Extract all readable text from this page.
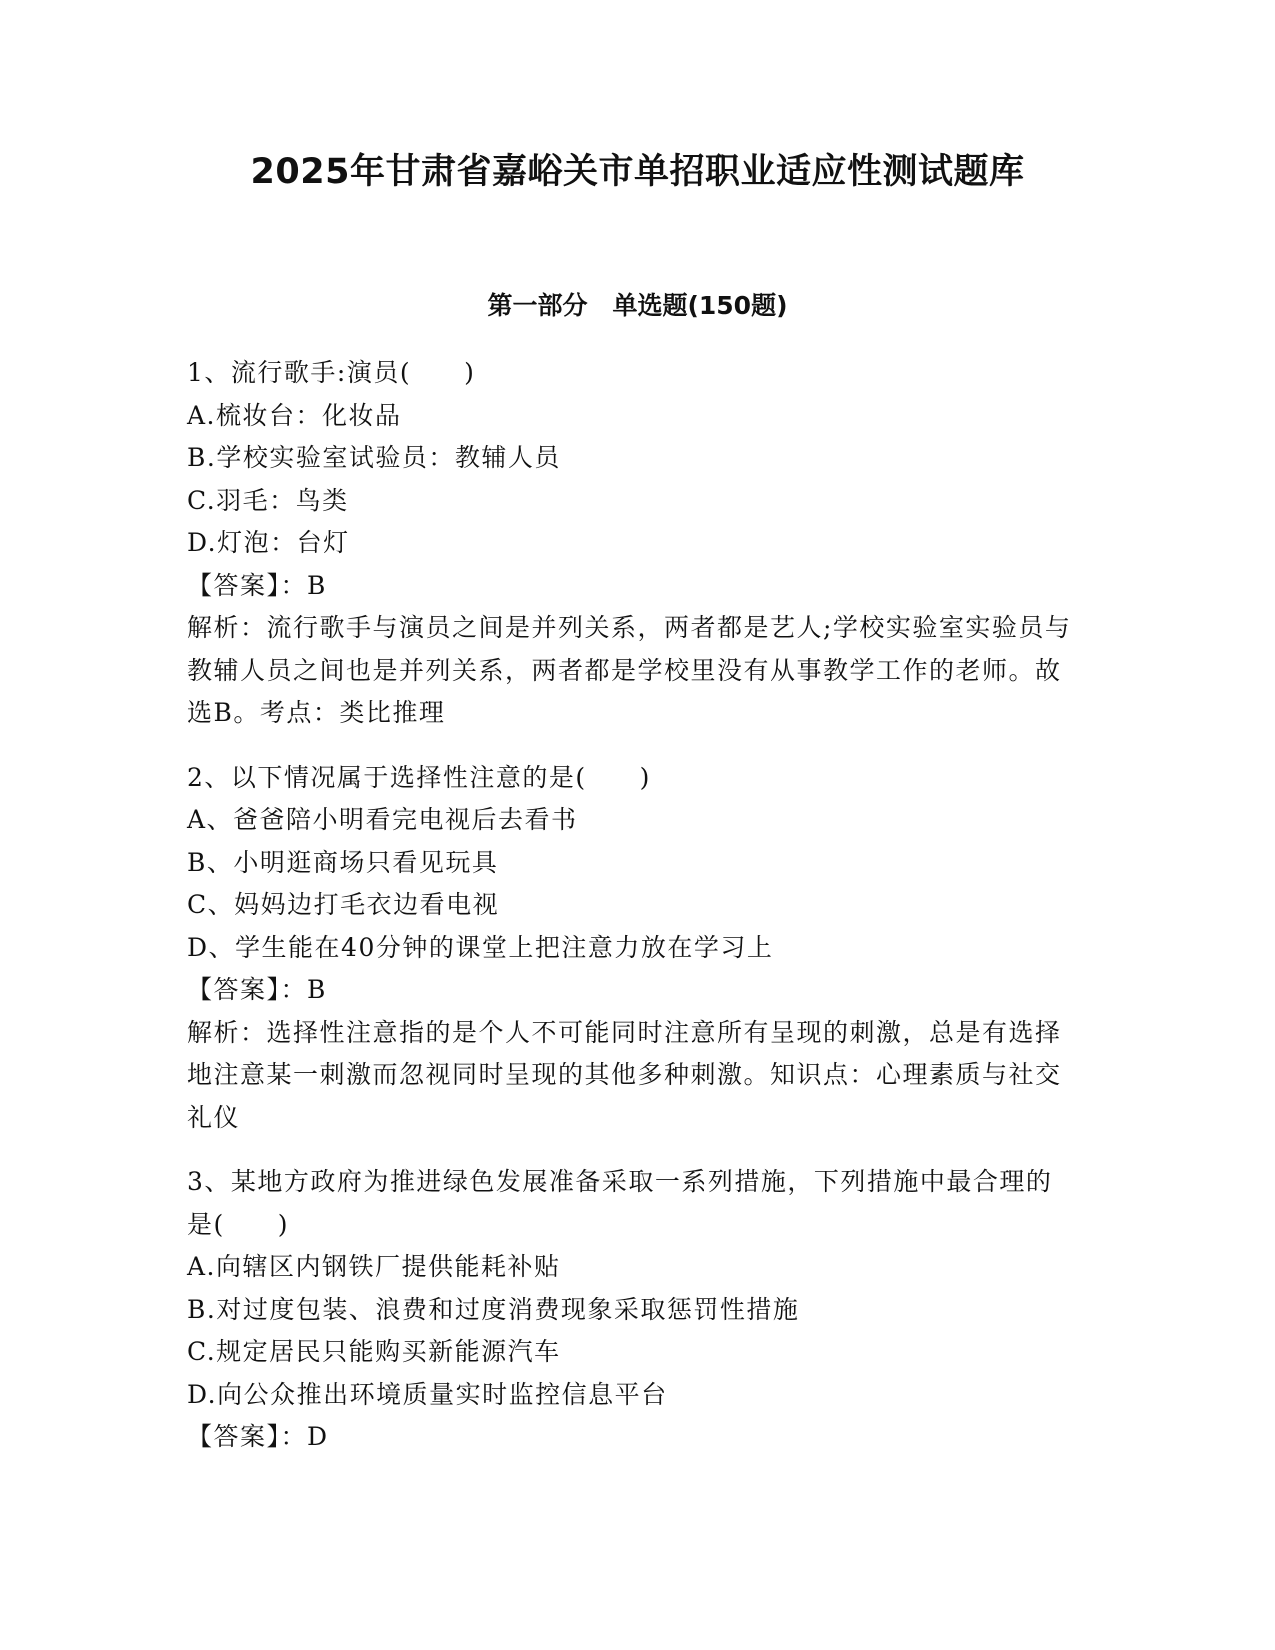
2025年甘肃省嘉峪关市单招职业适应性测试题库
第一部分　单选题(150题)
1、流行歌手:演员(　　)
A.梳妆台：化妆品
B.学校实验室试验员：教辅人员
C.羽毛：鸟类
D.灯泡：台灯
【答案】：B
解析：流行歌手与演员之间是并列关系，两者都是艺人;学校实验室实验员与教辅人员之间也是并列关系，两者都是学校里没有从事教学工作的老师。故选B。考点：类比推理
2、以下情况属于选择性注意的是(　　)
A、爸爸陪小明看完电视后去看书
B、小明逛商场只看见玩具
C、妈妈边打毛衣边看电视
D、学生能在40分钟的课堂上把注意力放在学习上
【答案】：B
解析：选择性注意指的是个人不可能同时注意所有呈现的刺激，总是有选择地注意某一刺激而忽视同时呈现的其他多种刺激。知识点：心理素质与社交礼仪
3、某地方政府为推进绿色发展准备采取一系列措施，下列措施中最合理的是(　　)
A.向辖区内钢铁厂提供能耗补贴
B.对过度包装、浪费和过度消费现象采取惩罚性措施
C.规定居民只能购买新能源汽车
D.向公众推出环境质量实时监控信息平台
【答案】：D
